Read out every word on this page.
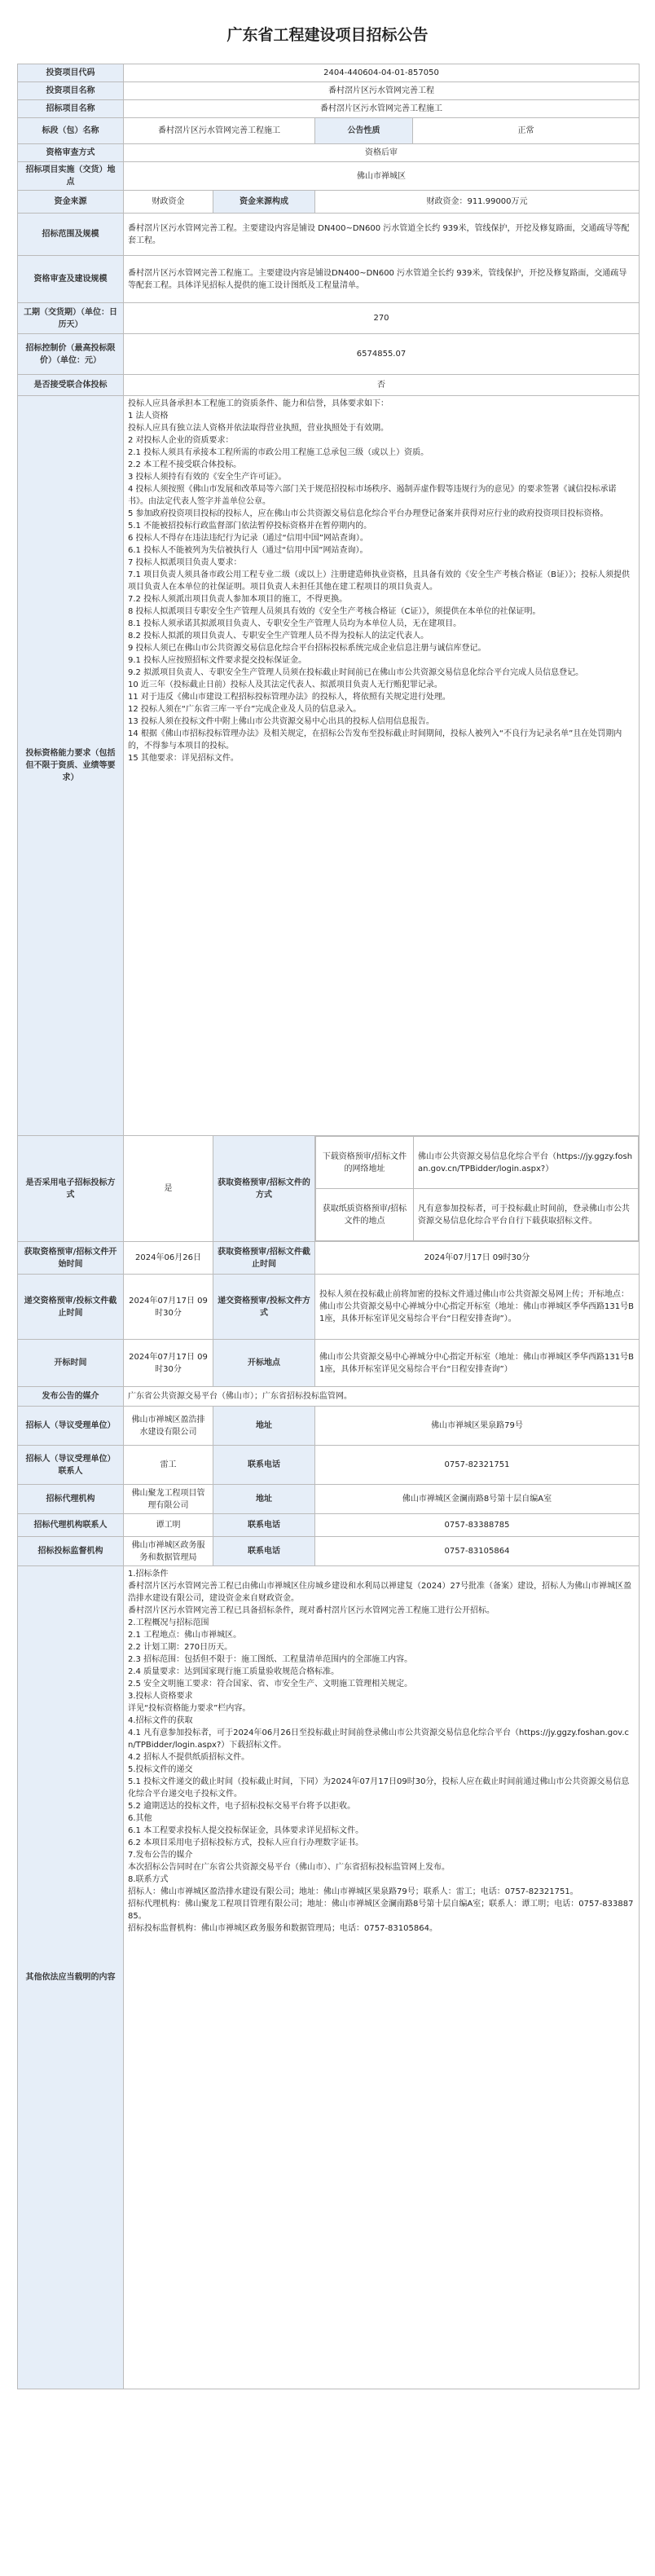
广东省工程建设项目招标公告
投资项目代码	2404-440604-04-01-857050
投资项目名称	番村滘片区污水管网完善工程
招标项目名称	番村滘片区污水管网完善工程施工
标段（包）名称	番村滘片区污水管网完善工程施工	公告性质	正常
资格审查方式	资格后审
招标项目实施（交货）地点	佛山市禅城区
资金来源	财政资金	资金来源构成	财政资金：911.99000万元
招标范围及规模	番村滘片区污水管网完善工程。主要建设内容是铺设 DN400~DN600 污水管道全长约 939米，管线保护，开挖及修复路面，交通疏导等配套工程。
资格审查及建设规模	番村滘片区污水管网完善工程施工。主要建设内容是铺设DN400~DN600 污水管道全长约 939米，管线保护，开挖及修复路面，交通疏导等配套工程。具体详见招标人提供的施工设计图纸及工程量清单。
工期（交货期）（单位：日历天）	270
招标控制价（最高投标限价）（单位：元）	6574855.07
是否接受联合体投标	否
投标资格能力要求（包括但不限于资质、业绩等要求）	投标人应具备承担本工程施工的资质条件、能力和信誉，具体要求如下：
1 法人资格
投标人应具有独立法人资格并依法取得营业执照，营业执照处于有效期。
2 对投标人企业的资质要求：
2.1 投标人须具有承接本工程所需的市政公用工程施工总承包三级（或以上）资质。
2.2 本工程不接受联合体投标。
3 投标人须持有有效的《安全生产许可证》。
4 投标人须按照《佛山市发展和改革局等六部门关于规范招投标市场秩序、遏制弄虚作假等违规行为的意见》的要求签署《诚信投标承诺书》。由法定代表人签字并盖单位公章。
5 参加政府投资项目投标的投标人，应在佛山市公共资源交易信息化综合平台办理登记备案并获得对应行业的政府投资项目投标资格。
5.1 不能被招投标行政监督部门依法暂停投标资格并在暂停期内的。
6 投标人不得存在违法违纪行为记录（通过“信用中国”网站查询）。
6.1 投标人不能被列为失信被执行人（通过“信用中国”网站查询）。
7 投标人拟派项目负责人要求：
7.1 项目负责人须具备市政公用工程专业二级（或以上）注册建造师执业资格，且具备有效的《安全生产考核合格证（B证）》；投标人须提供项目负责人在本单位的社保证明。项目负责人未担任其他在建工程项目的项目负责人。
7.2 投标人须派出项目负责人参加本项目的施工，不得更换。
8 投标人拟派项目专职安全生产管理人员须具有效的《安全生产考核合格证（C证）》，须提供在本单位的社保证明。
8.1 投标人须承诺其拟派项目负责人、专职安全生产管理人员均为本单位人员，无在建项目。
8.2 投标人拟派的项目负责人、专职安全生产管理人员不得为投标人的法定代表人。
9 投标人须已在佛山市公共资源交易信息化综合平台招标投标系统完成企业信息注册与诚信库登记。
9.1 投标人应按照招标文件要求提交投标保证金。
9.2 拟派项目负责人、专职安全生产管理人员须在投标截止时间前已在佛山市公共资源交易信息化综合平台完成人员信息登记。
10 近三年（投标截止日前）投标人及其法定代表人、拟派项目负责人无行贿犯罪记录。
11 对于违反《佛山市建设工程招标投标管理办法》的投标人，将依照有关规定进行处理。
12 投标人须在“广东省三库一平台”完成企业及人员的信息录入。
13 投标人须在投标文件中附上佛山市公共资源交易中心出具的投标人信用信息报告。
14 根据《佛山市招标投标管理办法》及相关规定，在招标公告发布至投标截止时间期间，投标人被列入“不良行为记录名单”且在处罚期内的，不得参与本项目的投标。
15 其他要求：详见招标文件。
是否采用电子招标投标方式	是	获取资格预审/招标文件的方式	
下载资格预审/招标文件的网络地址	佛山市公共资源交易信息化综合平台（https://jy.ggzy.foshan.gov.cn/TPBidder/login.aspx?）
获取纸质资格预审/招标文件的地点	凡有意参加投标者，可于投标截止时间前，登录佛山市公共资源交易信息化综合平台自行下载获取招标文件。

获取资格预审/招标文件开始时间	2024年06月26日	获取资格预审/招标文件截止时间	2024年07月17日 09时30分
递交资格预审/投标文件截止时间	2024年07月17日 09时30分	递交资格预审/投标文件方式	投标人须在投标截止前将加密的投标文件通过佛山市公共资源交易网上传；开标地点：佛山市公共资源交易中心禅城分中心指定开标室（地址：佛山市禅城区季华西路131号B1座，具体开标室详见交易综合平台“日程安排查询”）。
开标时间	2024年07月17日 09时30分	开标地点	佛山市公共资源交易中心禅城分中心指定开标室（地址：佛山市禅城区季华西路131号B1座，具体开标室详见交易综合平台“日程安排查询”）
发布公告的媒介	广东省公共资源交易平台（佛山市）；广东省招标投标监管网。
招标人（导议受理单位）	佛山市禅城区盈浩排水建设有限公司	地址	佛山市禅城区果泉路79号
招标人（导议受理单位）联系人	雷工	联系电话	0757-82321751
招标代理机构	佛山聚龙工程项目管理有限公司	地址	佛山市禅城区金澜南路8号第十层自编A室
招标代理机构联系人	谭工明	联系电话	0757-83388785
招标投标监督机构	佛山市禅城区政务服务和数据管理局	联系电话	0757-83105864
其他依法应当载明的内容	1.招标条件
番村滘片区污水管网完善工程已由佛山市禅城区住房城乡建设和水利局以禅建复（2024）27号批准（备案）建设，招标人为佛山市禅城区盈浩排水建设有限公司，建设资金来自财政资金。
番村滘片区污水管网完善工程已具备招标条件，现对番村滘片区污水管网完善工程施工进行公开招标。
2.工程概况与招标范围
2.1 工程地点：佛山市禅城区。
2.2 计划工期：270日历天。
2.3 招标范围：包括但不限于：施工图纸、工程量清单范围内的全部施工内容。
2.4 质量要求：达到国家现行施工质量验收规范合格标准。
2.5 安全文明施工要求：符合国家、省、市安全生产、文明施工管理相关规定。
3.投标人资格要求
详见“投标资格能力要求”栏内容。
4.招标文件的获取
4.1 凡有意参加投标者，可于2024年06月26日至投标截止时间前登录佛山市公共资源交易信息化综合平台（https://jy.ggzy.foshan.gov.cn/TPBidder/login.aspx?）下载招标文件。
4.2 招标人不提供纸质招标文件。
5.投标文件的递交
5.1 投标文件递交的截止时间（投标截止时间，下同）为2024年07月17日09时30分，投标人应在截止时间前通过佛山市公共资源交易信息化综合平台递交电子投标文件。
5.2 逾期送达的投标文件，电子招标投标交易平台将予以拒收。
6.其他
6.1 本工程要求投标人提交投标保证金，具体要求详见招标文件。
6.2 本项目采用电子招标投标方式，投标人应自行办理数字证书。
7.发布公告的媒介
本次招标公告同时在广东省公共资源交易平台（佛山市）、广东省招标投标监管网上发布。
8.联系方式
招标人：佛山市禅城区盈浩排水建设有限公司；地址：佛山市禅城区果泉路79号；联系人：雷工；电话：0757-82321751。
招标代理机构：佛山聚龙工程项目管理有限公司；地址：佛山市禅城区金澜南路8号第十层自编A室；联系人：谭工明；电话：0757-83388785。
招标投标监督机构：佛山市禅城区政务服务和数据管理局；电话：0757-83105864。
